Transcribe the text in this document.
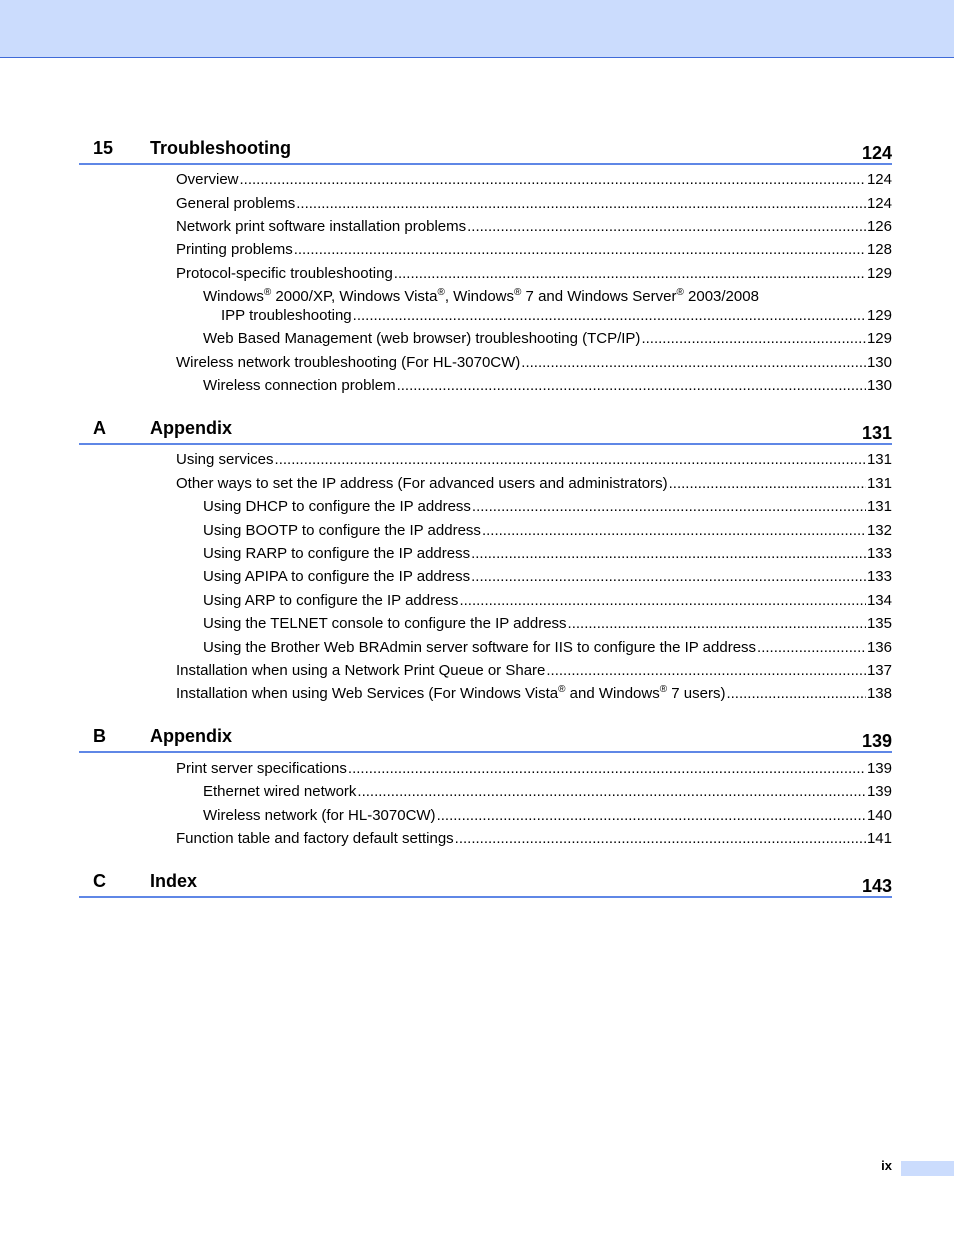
15 Troubleshooting	124
Overview .....	124
General problems .....	124
Network print software installation problems .....	126
Printing problems .....	128
Protocol-specific troubleshooting .....	129
Windows® 2000/XP, Windows Vista®, Windows® 7 and Windows Server® 2003/2008
IPP troubleshooting .....	129
Web Based Management (web browser) troubleshooting (TCP/IP) .....	129
Wireless network troubleshooting (For HL-3070CW) .....	130
Wireless connection problem .....	130
A Appendix	131
Using services .....	131
Other ways to set the IP address (For advanced users and administrators) .....	131
Using DHCP to configure the IP address .....	131
Using BOOTP to configure the IP address .....	132
Using RARP to configure the IP address .....	133
Using APIPA to configure the IP address .....	133
Using ARP to configure the IP address .....	134
Using the TELNET console to configure the IP address .....	135
Using the Brother Web BRAdmin server software for IIS to configure the IP address .....	136
Installation when using a Network Print Queue or Share .....	137
Installation when using Web Services (For Windows Vista® and Windows® 7 users) .....	138
B Appendix	139
Print server specifications .....	139
Ethernet wired network .....	139
Wireless network (for HL-3070CW) .....	140
Function table and factory default settings .....	141
C Index	143
ix
